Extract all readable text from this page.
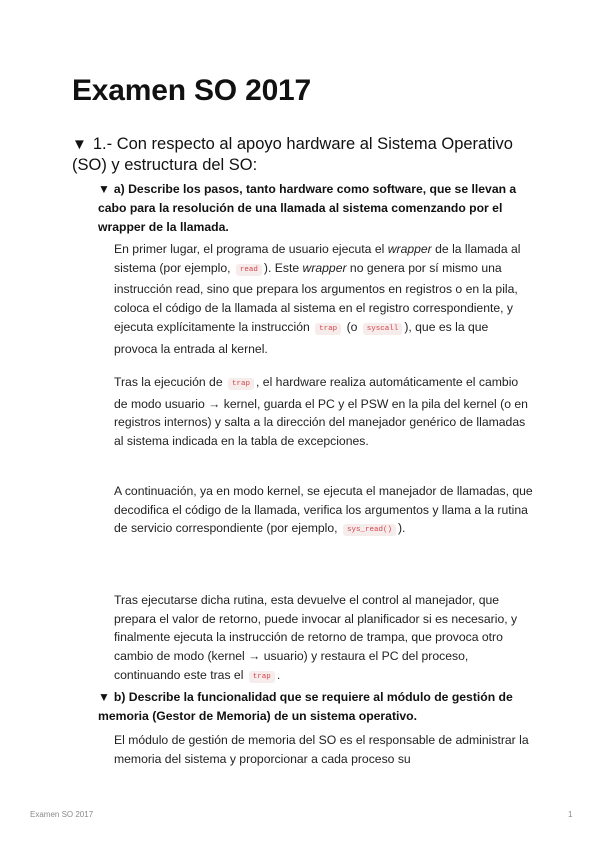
Examen SO 2017
▼ 1.- Con respecto al apoyo hardware al Sistema Operativo (SO) y estructura del SO:
▼ a) Describe los pasos, tanto hardware como software, que se llevan a cabo para la resolución de una llamada al sistema comenzando por el wrapper de la llamada.

En primer lugar, el programa de usuario ejecuta el wrapper de la llamada al sistema (por ejemplo, read ). Este wrapper no genera por sí mismo una instrucción read, sino que prepara los argumentos en registros o en la pila, coloca el código de la llamada al sistema en el registro correspondiente, y ejecuta explícitamente la instrucción trap (o syscall ), que es la que provoca la entrada al kernel.

Tras la ejecución de trap , el hardware realiza automáticamente el cambio de modo usuario → kernel, guarda el PC y el PSW en la pila del kernel (o en registros internos) y salta a la dirección del manejador genérico de llamadas al sistema indicada en la tabla de excepciones.

A continuación, ya en modo kernel, se ejecuta el manejador de llamadas, que decodifica el código de la llamada, verifica los argumentos y llama a la rutina de servicio correspondiente (por ejemplo, sys_read() ).

Tras ejecutarse dicha rutina, esta devuelve el control al manejador, que prepara el valor de retorno, puede invocar al planificador si es necesario, y finalmente ejecuta la instrucción de retorno de trampa, que provoca otro cambio de modo (kernel → usuario) y restaura el PC del proceso, continuando este tras el trap .

▼ b) Describe la funcionalidad que se requiere al módulo de gestión de memoria (Gestor de Memoria) de un sistema operativo.

El módulo de gestión de memoria del SO es el responsable de administrar la memoria del sistema y proporcionar a cada proceso su

Examen SO 2017	1
